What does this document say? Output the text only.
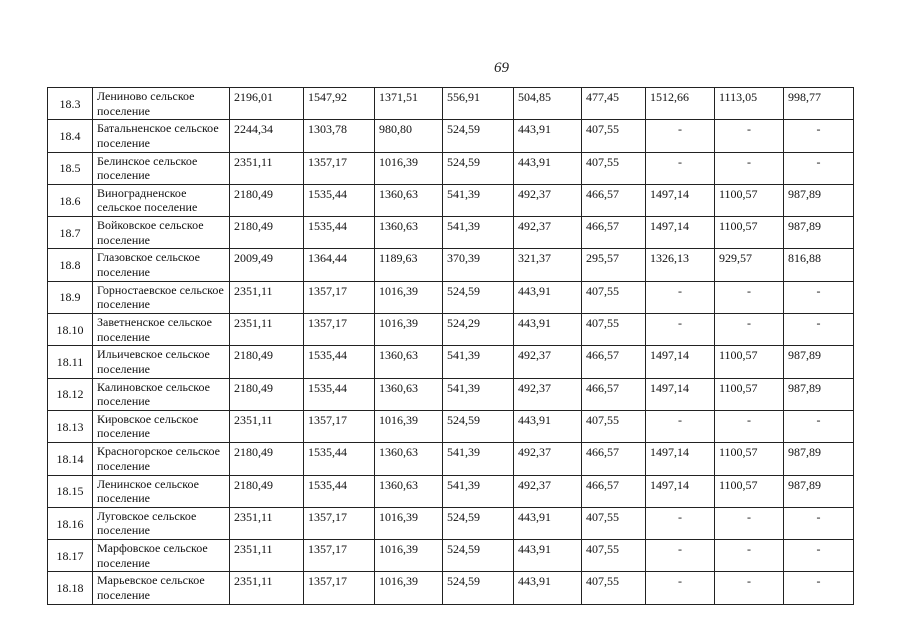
69
18.3	Лениново сельское поселение	2196,01	1547,92	1371,51	556,91	504,85	477,45	1512,66	1113,05	998,77
18.4	Батальненское сельское поселение	2244,34	1303,78	980,80	524,59	443,91	407,55	-	-	-
18.5	Белинское сельское поселение	2351,11	1357,17	1016,39	524,59	443,91	407,55	-	-	-
18.6	Виноградненское сельское поселение	2180,49	1535,44	1360,63	541,39	492,37	466,57	1497,14	1100,57	987,89
18.7	Войковское сельское поселение	2180,49	1535,44	1360,63	541,39	492,37	466,57	1497,14	1100,57	987,89
18.8	Глазовское сельское поселение	2009,49	1364,44	1189,63	370,39	321,37	295,57	1326,13	929,57	816,88
18.9	Горностаевское сельское поселение	2351,11	1357,17	1016,39	524,59	443,91	407,55	-	-	-
18.10	Заветненское сельское поселение	2351,11	1357,17	1016,39	524,29	443,91	407,55	-	-	-
18.11	Ильичевское сельское поселение	2180,49	1535,44	1360,63	541,39	492,37	466,57	1497,14	1100,57	987,89
18.12	Калиновское сельское поселение	2180,49	1535,44	1360,63	541,39	492,37	466,57	1497,14	1100,57	987,89
18.13	Кировское сельское поселение	2351,11	1357,17	1016,39	524,59	443,91	407,55	-	-	-
18.14	Красногорское сельское поселение	2180,49	1535,44	1360,63	541,39	492,37	466,57	1497,14	1100,57	987,89
18.15	Ленинское сельское поселение	2180,49	1535,44	1360,63	541,39	492,37	466,57	1497,14	1100,57	987,89
18.16	Луговское сельское поселение	2351,11	1357,17	1016,39	524,59	443,91	407,55	-	-	-
18.17	Марфовское сельское поселение	2351,11	1357,17	1016,39	524,59	443,91	407,55	-	-	-
18.18	Марьевское сельское поселение	2351,11	1357,17	1016,39	524,59	443,91	407,55	-	-	-
